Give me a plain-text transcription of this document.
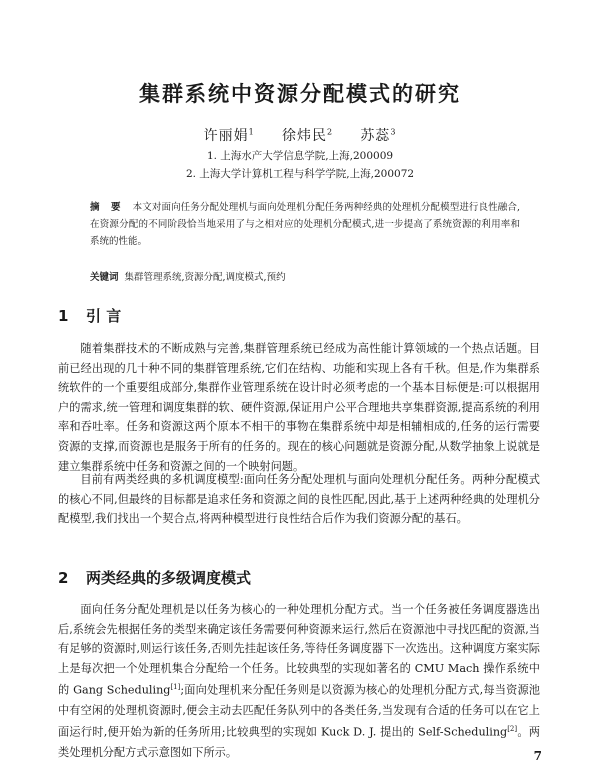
集群系统中资源分配模式的研究
许丽娟$^1$ 徐炜民$^2$ 苏蕊$^3$
1. 上海水产大学信息学院,上海,200009
2. 上海大学计算机工程与科学学院,上海,200072
摘 要 本文对面向任务分配处理机与面向处理机分配任务两种经典的处理机分配模型进行良性融合,在资源分配的不同阶段恰当地采用了与之相对应的处理机分配模式,进一步提高了系统资源的利用率和系统的性能。
关键词 集群管理系统,资源分配,调度模式,预约
1 引 言

随着集群技术的不断成熟与完善,集群管理系统已经成为高性能计算领域的一个热点话题。目前已经出现的几十种不同的集群管理系统,它们在结构、功能和实现上各有千秋。但是,作为集群系统软件的一个重要组成部分,集群作业管理系统在设计时必须考虑的一个基本目标便是:可以根据用户的需求,统一管理和调度集群的软、硬件资源,保证用户公平合理地共享集群资源,提高系统的利用率和吞吐率。任务和资源这两个原本不相干的事物在集群系统中却是相辅相成的,任务的运行需要资源的支撑,而资源也是服务于所有的任务的。现在的核心问题就是资源分配,从数学抽象上说就是建立集群系统中任务和资源之间的一个映射问题。

目前有两类经典的多机调度模型:面向任务分配处理机与面向处理机分配任务。两种分配模式的核心不同,但最终的目标都是追求任务和资源之间的良性匹配,因此,基于上述两种经典的处理机分配模型,我们找出一个契合点,将两种模型进行良性结合后作为我们资源分配的基石。

2 两类经典的多级调度模式

面向任务分配处理机是以任务为核心的一种处理机分配方式。当一个任务被任务调度器选出后,系统会先根据任务的类型来确定该任务需要何种资源来运行,然后在资源池中寻找匹配的资源,当有足够的资源时,则运行该任务,否则先挂起该任务,等待任务调度器下一次选出。这种调度方案实际上是每次把一个处理机集合分配给一个任务。比较典型的实现如著名的 CMU Mach 操作系统中的 Gang Scheduling[1];面向处理机来分配任务则是以资源为核心的处理机分配方式,每当资源池中有空闲的处理机资源时,便会主动去匹配任务队列中的各类任务,当发现有合适的任务可以在它上面运行时,便开始为新的任务所用;比较典型的实现如 Kuck D. J. 提出的 Self-Scheduling[2]。两类处理机分配方式示意图如下所示。	7
